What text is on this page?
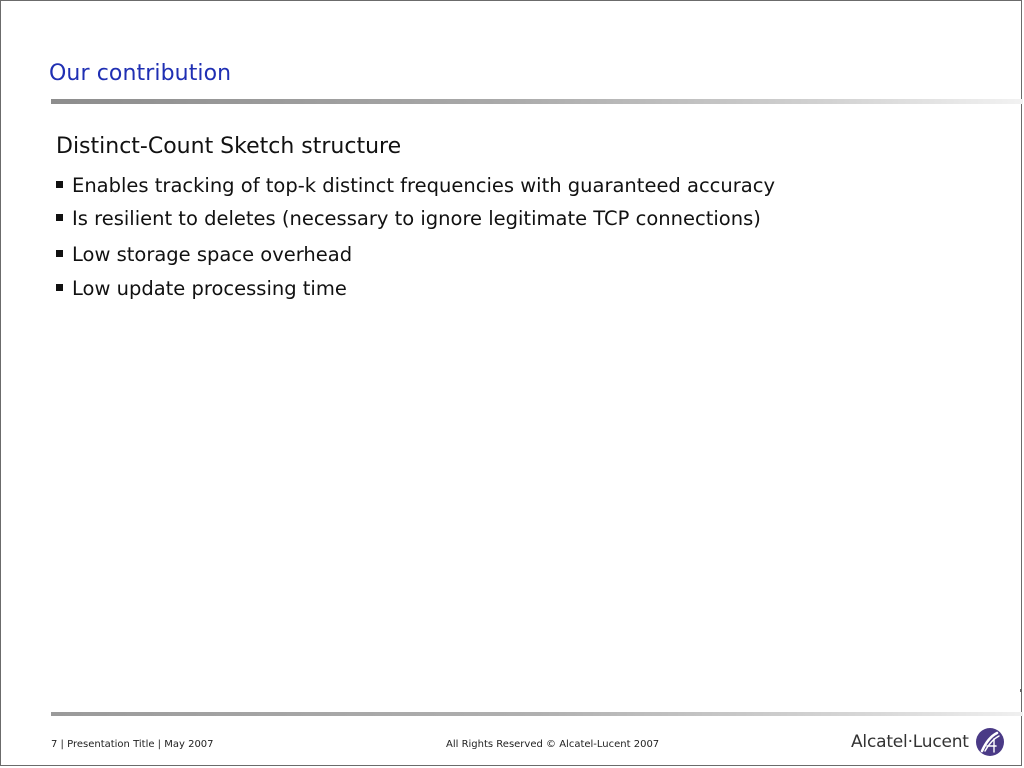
Our contribution
Distinct-Count Sketch structure
Enables tracking of top-k distinct frequencies with guaranteed accuracy
Is resilient to deletes (necessary to ignore legitimate TCP connections)
Low storage space overhead
Low update processing time
7 | Presentation Title | May 2007	All Rights Reserved © Alcatel-Lucent 2007	Alcatel·Lucent
